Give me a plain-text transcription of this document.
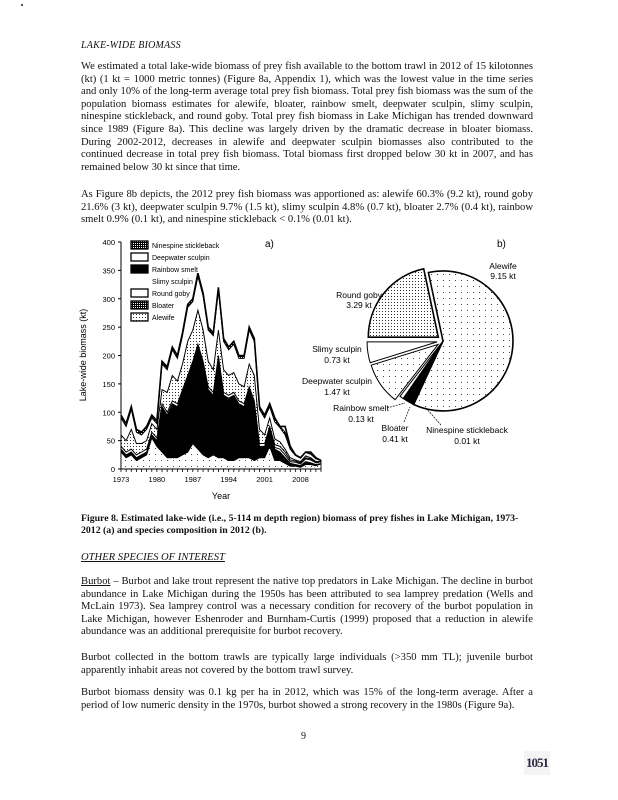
LAKE-WIDE BIOMASS

We estimated a total lake-wide biomass of prey fish available to the bottom trawl in 2012 of 15 kilotonnes (kt) (1 kt = 1000 metric tonnes) (Figure 8a, Appendix 1), which was the lowest value in the time series and only 10% of the long-term average total prey fish biomass. Total prey fish biomass was the sum of the population biomass estimates for alewife, bloater, rainbow smelt, deepwater sculpin, slimy sculpin, ninespine stickleback, and round goby. Total prey fish biomass in Lake Michigan has trended downward since 1989 (Figure 8a). This decline was largely driven by the dramatic decrease in bloater biomass. During 2002-2012, decreases in alewife and deepwater sculpin biomasses also contributed to the continued decrease in total prey fish biomass. Total biomass first dropped below 30 kt in 2007, and has remained below 30 kt since that time.

As Figure 8b depicts, the 2012 prey fish biomass was apportioned as: alewife 60.3% (9.2 kt), round goby 21.6% (3 kt), deepwater sculpin 9.7% (1.5 kt), slimy sculpin 4.8% (0.7 kt), bloater 2.7% (0.4 kt), rainbow smelt 0.9% (0.1 kt), and ninespine stickleback < 0.1% (0.01 kt).

a)
0
50
100
150
200
250
300
350
400
1973	1980	1987	1994	2001	2008
Lake-wide biomass (kt)
Year
Ninespine stickleback
Deepwater sculpin
Rainbow smelt
Slimy sculpin
Round goby
Bloater
Alewife
b)
Alewife
9.15 kt
Round goby
3.29 kt
Slimy sculpin
0.73 kt
Deepwater sculpin
1.47 kt
Rainbow smelt
0.13 kt
Bloater
0.41 kt
Ninespine stickleback
0.01 kt
Figure 8. Estimated lake-wide (i.e., 5-114 m depth region) biomass of prey fishes in Lake Michigan, 1973-2012 (a) and species composition in 2012 (b).
OTHER SPECIES OF INTEREST

Burbot – Burbot and lake trout represent the native top predators in Lake Michigan. The decline in burbot abundance in Lake Michigan during the 1950s has been attributed to sea lamprey predation (Wells and McLain 1973). Sea lamprey control was a necessary condition for recovery of the burbot population in Lake Michigan, however Eshenroder and Burnham-Curtis (1999) proposed that a reduction in alewife abundance was an additional prerequisite for burbot recovery.

Burbot collected in the bottom trawls are typically large individuals (>350 mm TL); juvenile burbot apparently inhabit areas not covered by the bottom trawl survey.

Burbot biomass density was 0.1 kg per ha in 2012, which was 15% of the long-term average. After a period of low numeric density in the 1970s, burbot showed a strong recovery in the 1980s (Figure 9a).

9
1051
